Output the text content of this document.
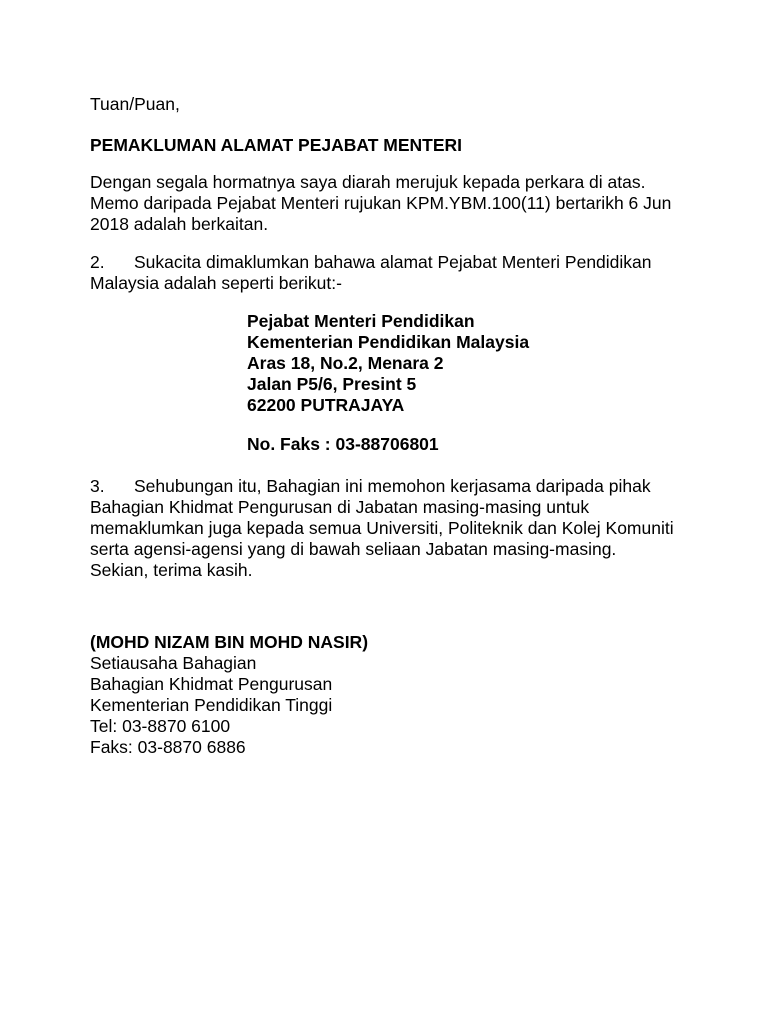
Tuan/Puan,
PEMAKLUMAN ALAMAT PEJABAT MENTERI
Dengan segala hormatnya saya diarah merujuk kepada perkara di atas.
Memo daripada Pejabat Menteri rujukan KPM.YBM.100(11) bertarikh 6 Jun
2018 adalah berkaitan.
2. Sukacita dimaklumkan bahawa alamat Pejabat Menteri Pendidikan
Malaysia adalah seperti berikut:-
Pejabat Menteri Pendidikan
Kementerian Pendidikan Malaysia
Aras 18, No.2, Menara 2
Jalan P5/6, Presint 5
62200 PUTRAJAYA
No. Faks : 03-88706801
3. Sehubungan itu, Bahagian ini memohon kerjasama daripada pihak
Bahagian Khidmat Pengurusan di Jabatan masing-masing untuk
memaklumkan juga kepada semua Universiti, Politeknik dan Kolej Komuniti
serta agensi-agensi yang di bawah seliaan Jabatan masing-masing.
Sekian, terima kasih.
(MOHD NIZAM BIN MOHD NASIR)
Setiausaha Bahagian
Bahagian Khidmat Pengurusan
Kementerian Pendidikan Tinggi
Tel: 03-8870 6100
Faks: 03-8870 6886
